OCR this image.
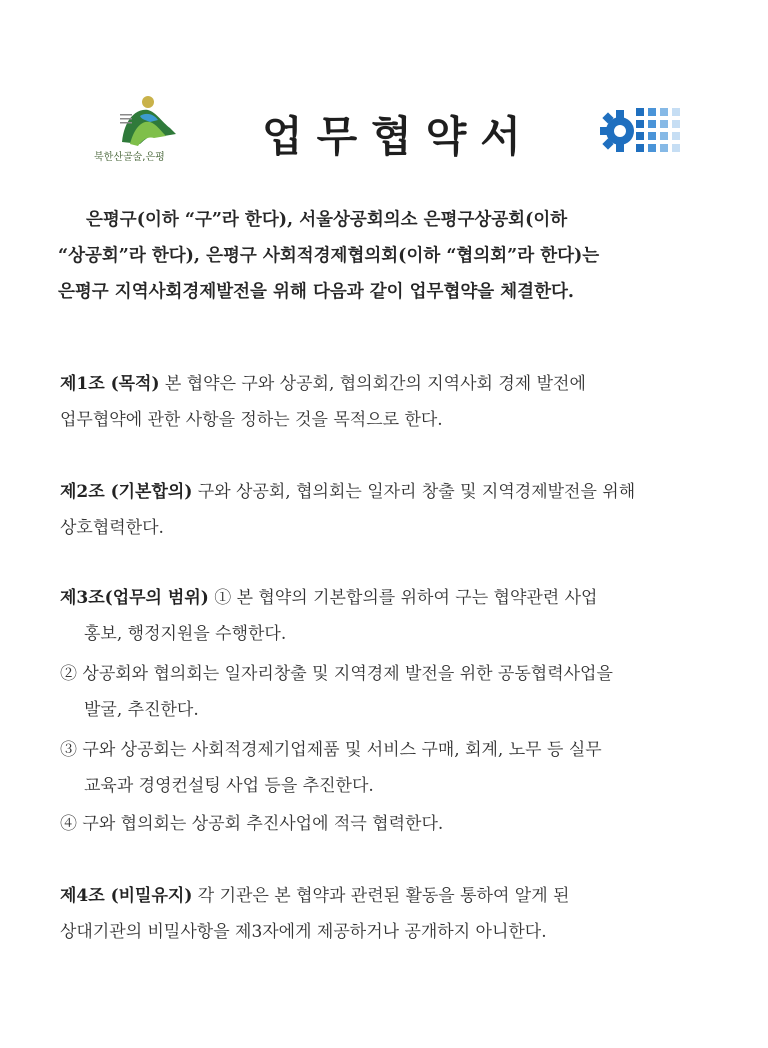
북한산골술,은평 업무협약서
은평구(이하 “구”라 한다), 서울상공회의소 은평구상공회(이하
“상공회”라 한다), 은평구 사회적경제협의회(이하 “협의회”라 한다)는
은평구 지역사회경제발전을 위해 다음과 같이 업무협약을 체결한다.
제1조 (목적) 본 협약은 구와 상공회, 협의회간의 지역사회 경제 발전에
업무협약에 관한 사항을 정하는 것을 목적으로 한다.
제2조 (기본합의) 구와 상공회, 협의회는 일자리 창출 및 지역경제발전을 위해
상호협력한다.
제3조(업무의 범위) ① 본 협약의 기본합의를 위하여 구는 협약관련 사업
홍보, 행정지원을 수행한다.
② 상공회와 협의회는 일자리창출 및 지역경제 발전을 위한 공동협력사업을
발굴, 추진한다.
③ 구와 상공회는 사회적경제기업제품 및 서비스 구매, 회계, 노무 등 실무
교육과 경영컨설팅 사업 등을 추진한다.
④ 구와 협의회는 상공회 추진사업에 적극 협력한다.
제4조 (비밀유지) 각 기관은 본 협약과 관련된 활동을 통하여 알게 된
상대기관의 비밀사항을 제3자에게 제공하거나 공개하지 아니한다.
